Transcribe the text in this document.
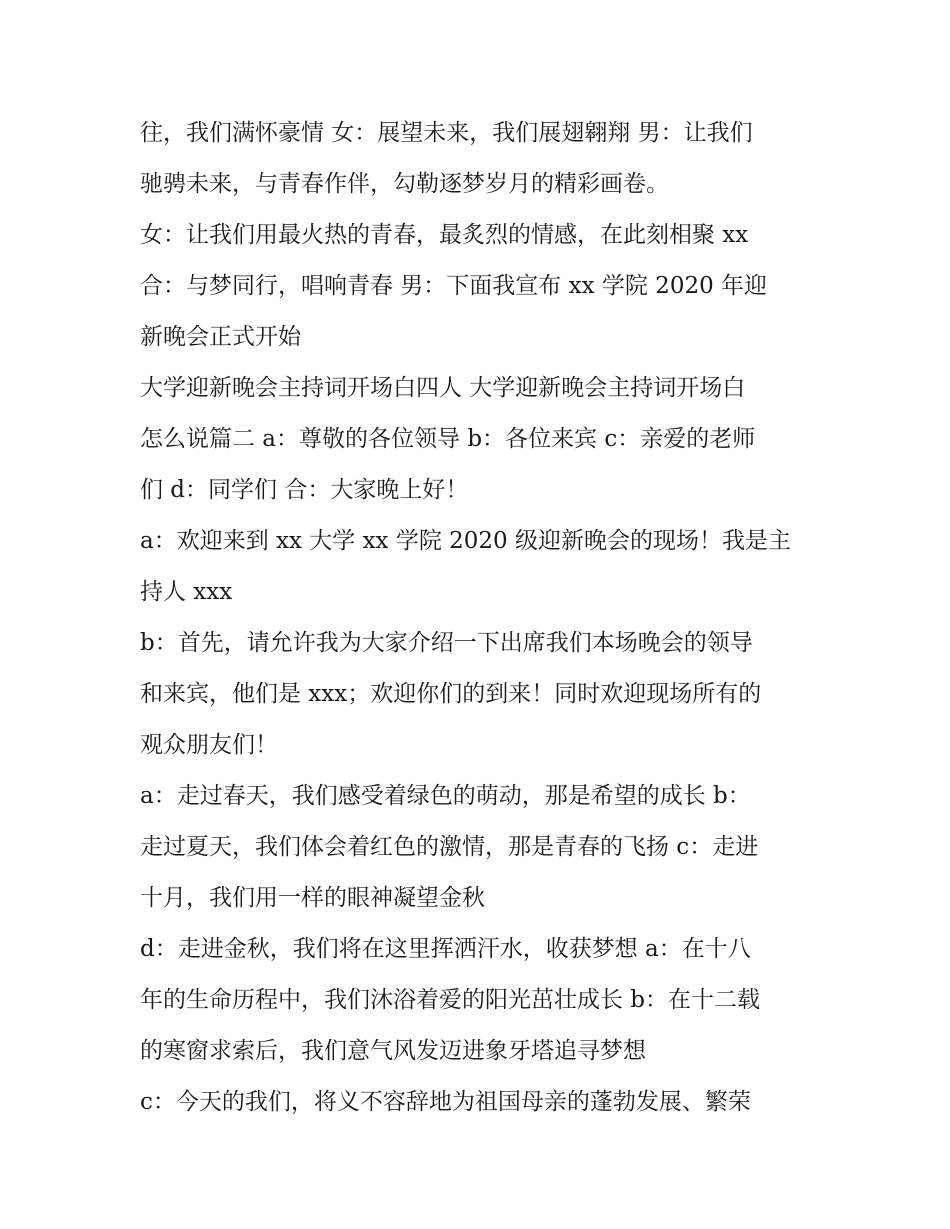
往，我们满怀豪情 女：展望未来，我们展翅翱翔 男：让我们
驰骋未来，与青春作伴，勾勒逐梦岁月的精彩画卷。
女：让我们用最火热的青春，最炙烈的情感，在此刻相聚 xx
合：与梦同行，唱响青春 男：下面我宣布 xx 学院 2020 年迎
新晚会正式开始
大学迎新晚会主持词开场白四人 大学迎新晚会主持词开场白
怎么说篇二 a：尊敬的各位领导 b：各位来宾 c：亲爱的老师
们 d：同学们 合：大家晚上好！
a：欢迎来到 xx 大学 xx 学院 2020 级迎新晚会的现场！我是主
持人 xxx
b：首先，请允许我为大家介绍一下出席我们本场晚会的领导
和来宾，他们是 xxx；欢迎你们的到来！同时欢迎现场所有的
观众朋友们！
a：走过春天，我们感受着绿色的萌动，那是希望的成长 b：
走过夏天，我们体会着红色的激情，那是青春的飞扬 c：走进
十月，我们用一样的眼神凝望金秋
d：走进金秋，我们将在这里挥洒汗水，收获梦想 a：在十八
年的生命历程中，我们沐浴着爱的阳光茁壮成长 b：在十二载
的寒窗求索后，我们意气风发迈进象牙塔追寻梦想
c：今天的我们，将义不容辞地为祖国母亲的蓬勃发展、繁荣
